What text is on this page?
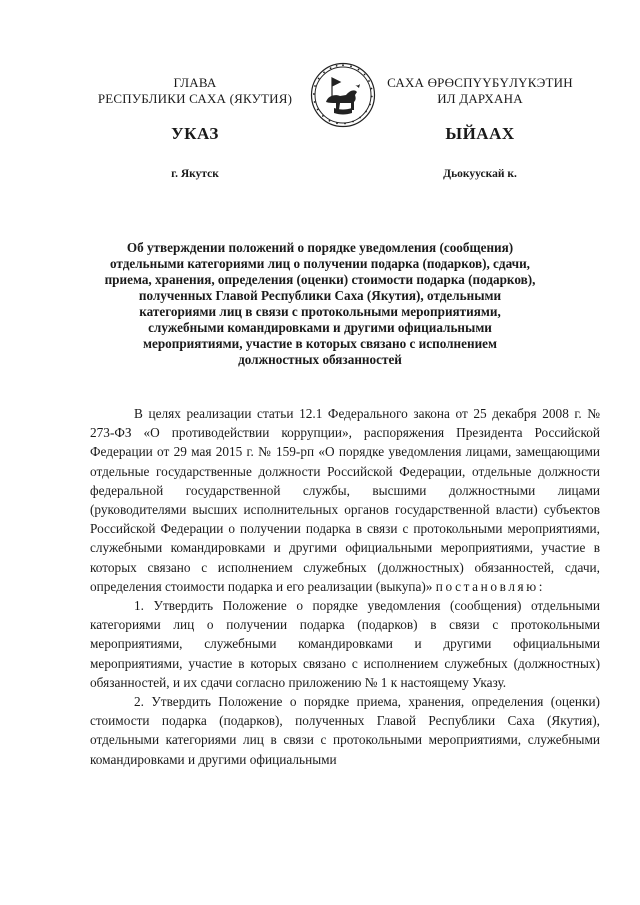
ГЛАВА
РЕСПУБЛИКИ САХА (ЯКУТИЯ)
САХА ӨРӨСПҮҮБҮЛҮКЭТИН
ИЛ ДАРХАНА
УКАЗ	ЫЙААХ
г. Якутск	Дьокуускай к.
Об утверждении положений о порядке уведомления (сообщения)
отдельными категориями лиц о получении подарка (подарков), сдачи,
приема, хранения, определения (оценки) стоимости подарка (подарков),
полученных Главой Республики Саха (Якутия), отдельными
категориями лиц в связи с протокольными мероприятиями,
служебными командировками и другими официальными
мероприятиями, участие в которых связано с исполнением
должностных обязанностей

В целях реализации статьи 12.1 Федерального закона от 25 декабря 2008 г. № 273-ФЗ «О противодействии коррупции», распоряжения Президента Российской Федерации от 29 мая 2015 г. № 159-рп «О порядке уведомления лицами, замещающими отдельные государственные должности Российской Федерации, отдельные должности федеральной государственной службы, высшими должностными лицами (руководителями высших исполнительных органов государственной власти) субъектов Российской Федерации о получении подарка в связи с протокольными мероприятиями, служебными командировками и другими официальными мероприятиями, участие в которых связано с исполнением служебных (должностных) обязанностей, сдачи, определения стоимости подарка и его реализации (выкупа)» постановляю:

1. Утвердить Положение о порядке уведомления (сообщения) отдельными категориями лиц о получении подарка (подарков) в связи с протокольными мероприятиями, служебными командировками и другими официальными мероприятиями, участие в которых связано с исполнением служебных (должностных) обязанностей, и их сдачи согласно приложению № 1 к настоящему Указу.

2. Утвердить Положение о порядке приема, хранения, определения (оценки) стоимости подарка (подарков), полученных Главой Республики Саха (Якутия), отдельными категориями лиц в связи с протокольными мероприятиями, служебными командировками и другими официальными
